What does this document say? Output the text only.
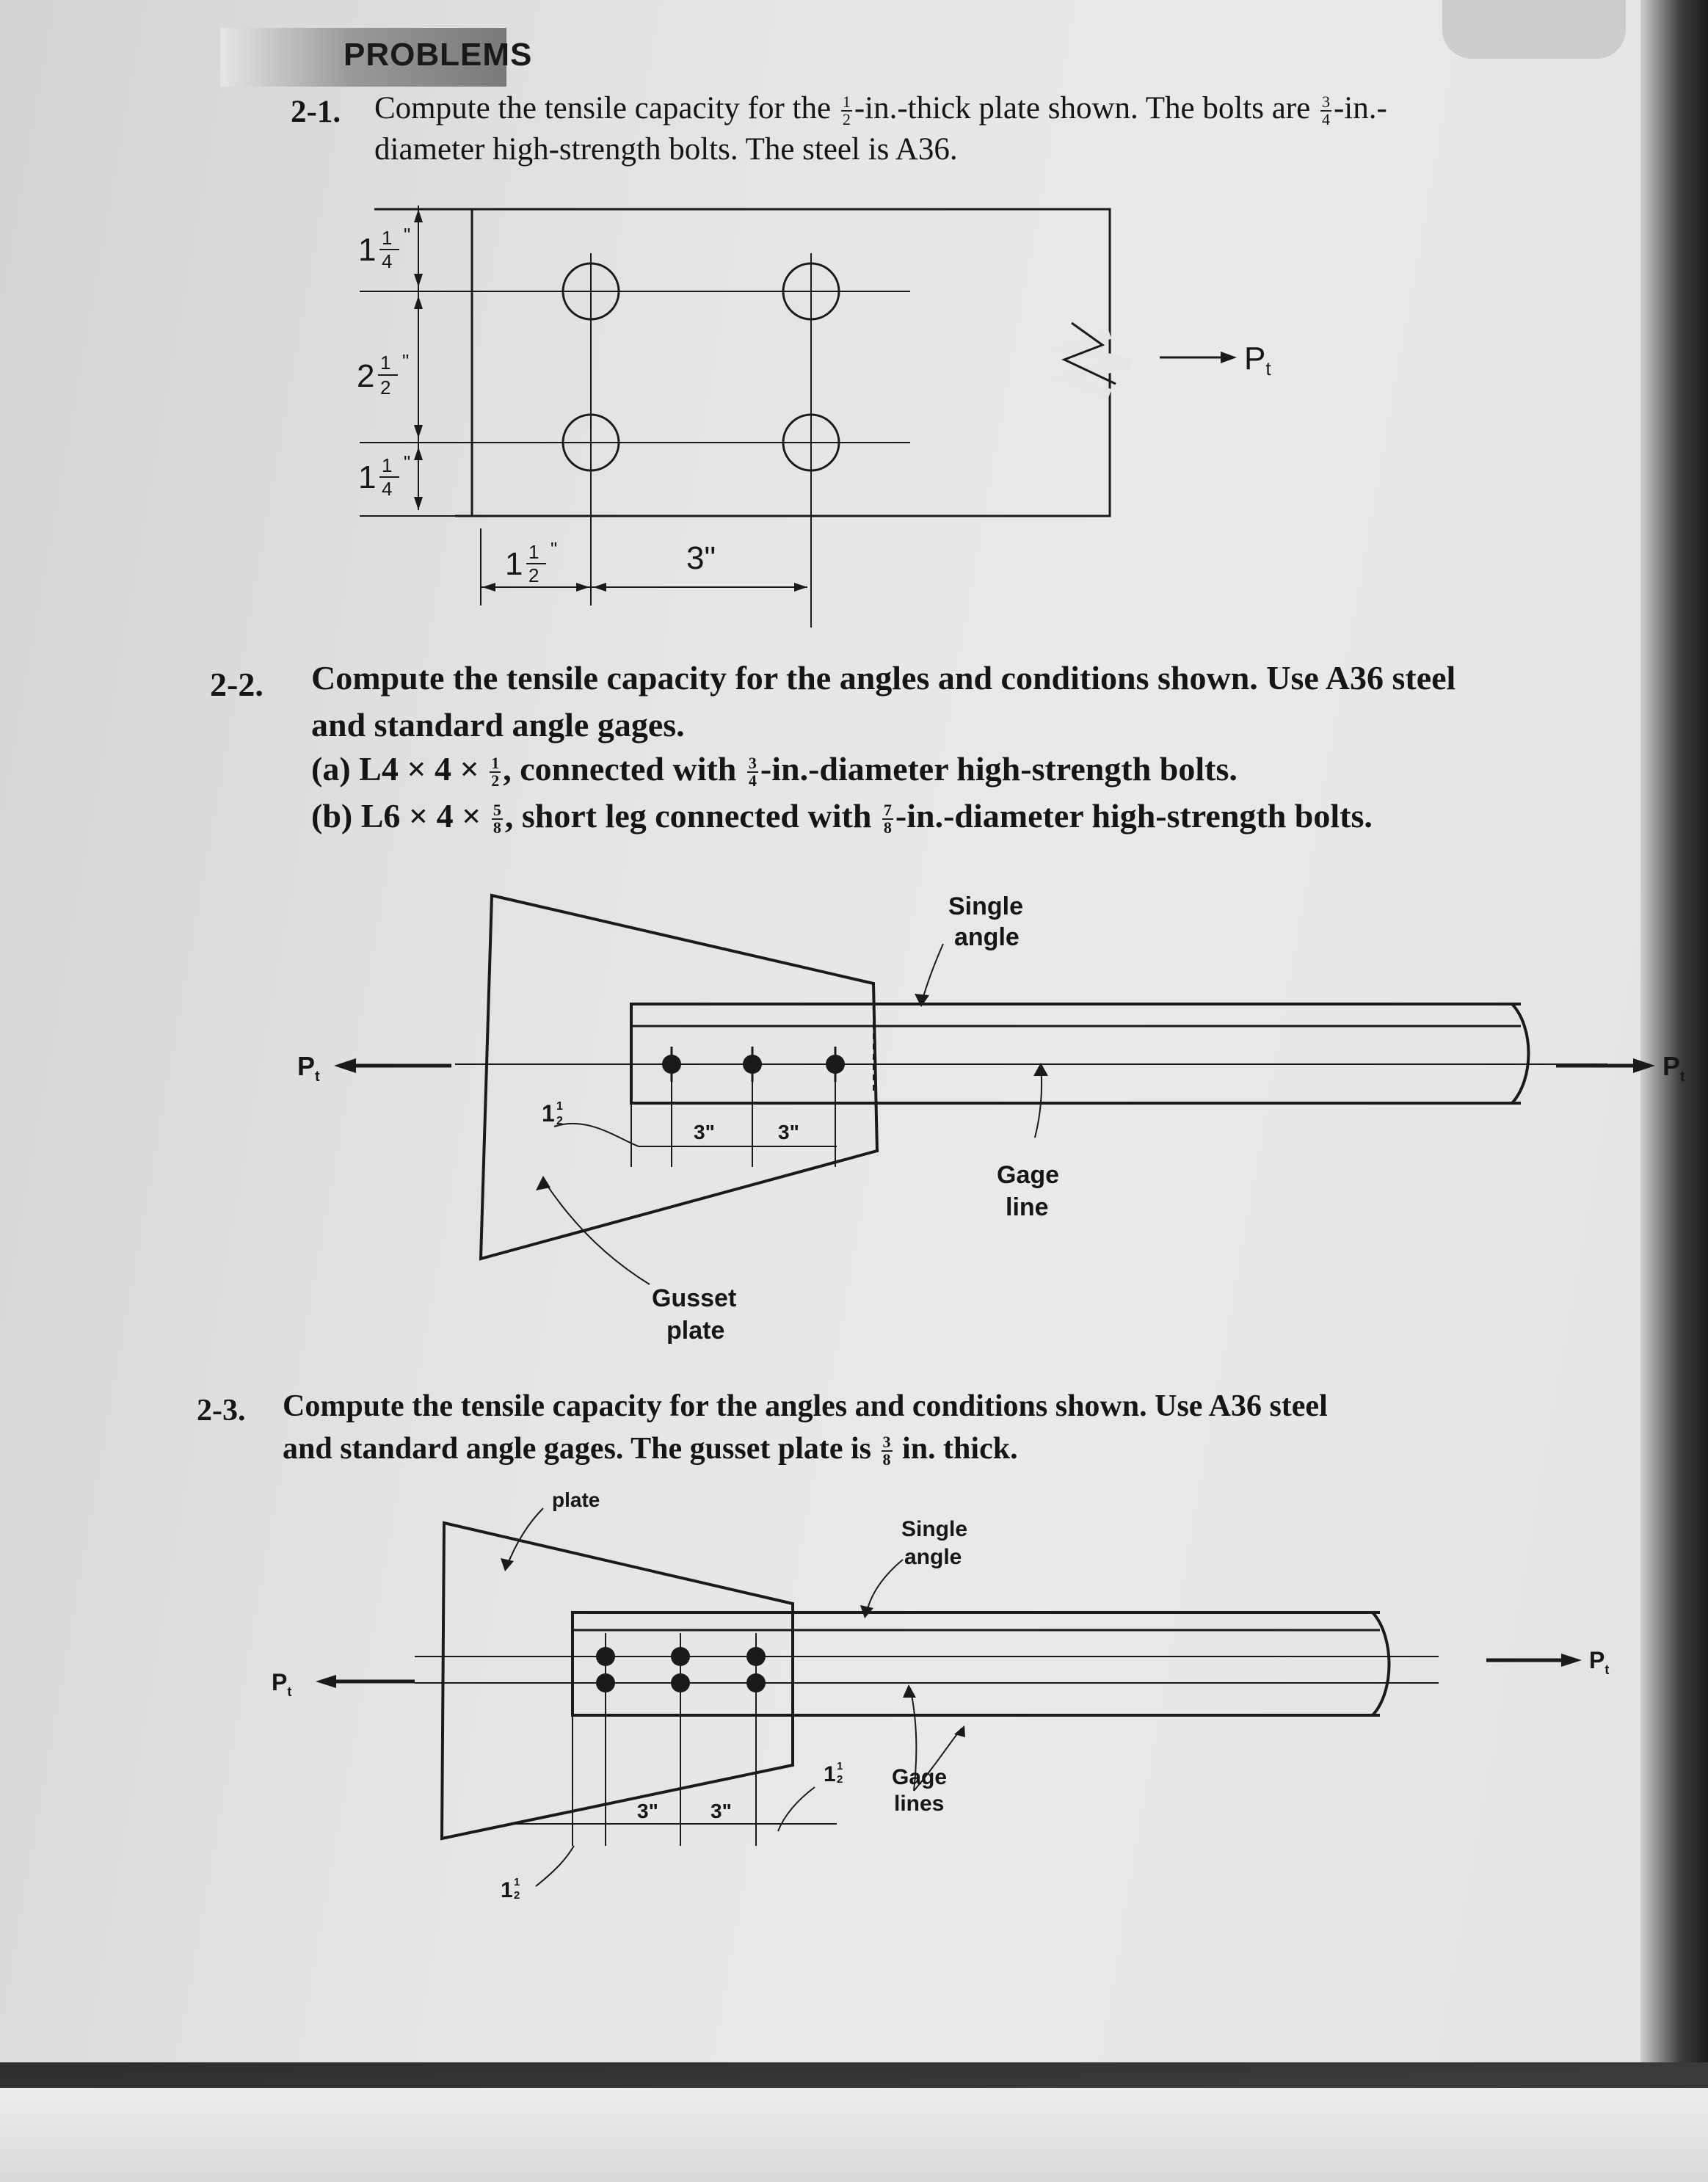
PROBLEMS
2-1. Compute the tensile capacity for the $\frac{1}{2}$ -in.-thick plate shown. The bolts are $\frac{3}{4} -in.-$
diameter high-strength bolts. The steel is A36.
1 1
4
"
2 1
2
"
1 1
4
"
1 1
2
"	3"
Pt
2-2. Compute the tensile capacity for the angles and conditions shown. Use A36 steel
and standard angle gages.
(a) $L4 \times 4 \times \frac{1}{2}$ , connected with $\frac{3}{4}$ -in.-diameter high-strength bolts.
(b) $L6 \times 4 \times \frac{5}{8}$ , short leg connected with $\frac{7}{8}$ -in.-diameter high-strength bolts.
Single
angle
Gage
line
Gusset
plate
$P_t$	$P_t$
1 1
2	3"	3"
2-3. Compute the tensile capacity for the angles and conditions shown. Use A36 steel
and standard angle gages. The gusset plate is $\frac{3}{8}$ in. thick.
plate
Single
angle
Gage
lines
$P_t$
$P_t$
3"	3"
1 1
2
1 1
2
